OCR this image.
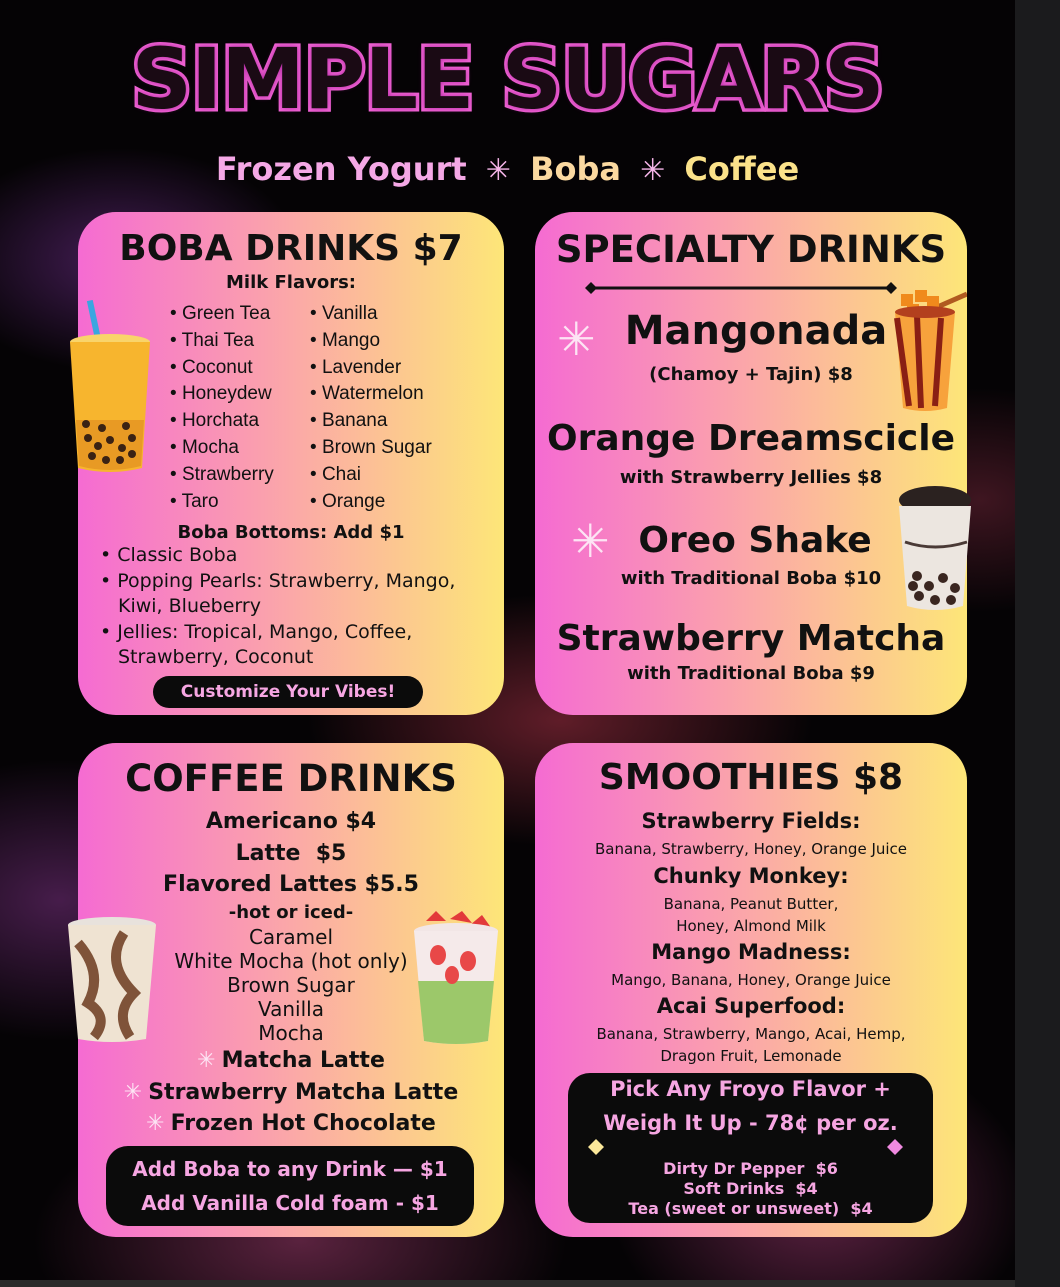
SIMPLE SUGARS
Frozen Yogurt ✳ Boba ✳ Coffee
BOBA DRINKS $7
Milk Flavors:
• Green Tea
• Thai Tea
• Coconut
• Honeydew
• Horchata
• Mocha
• Strawberry
• Taro
• Vanilla
• Mango
• Lavender
• Watermelon
• Banana
• Brown Sugar
• Chai
• Orange
Boba Bottoms: Add $1
• Classic Boba
• Popping Pearls: Strawberry, Mango, Kiwi, Blueberry
• Jellies: Tropical, Mango, Coffee, Strawberry, Coconut
Customize Your Vibes!
SPECIALTY DRINKS
✳ Mangonada
(Chamoy + Tajin) $8
Orange Dreamscicle
with Strawberry Jellies $8
✳ Oreo Shake
with Traditional Boba $10
Strawberry Matcha
with Traditional Boba $9
COFFEE DRINKS
Americano $4
Latte  $5
Flavored Lattes $5.5
-hot or iced-
Caramel
White Mocha (hot only)
Brown Sugar
Vanilla
Mocha
✳ Matcha Latte
✳ Strawberry Matcha Latte
✳ Frozen Hot Chocolate
Add Boba to any Drink — $1
Add Vanilla Cold foam - $1
SMOOTHIES $8
Strawberry Fields:
Banana, Strawberry, Honey, Orange Juice
Chunky Monkey:
Banana, Peanut Butter, Honey, Almond Milk
Mango Madness:
Mango, Banana, Honey, Orange Juice
Acai Superfood:
Banana, Strawberry, Mango, Acai, Hemp, Dragon Fruit, Lemonade
Pick Any Froyo Flavor +
Weigh It Up - 78¢ per oz.
Dirty Dr Pepper  $6
Soft Drinks  $4
Tea (sweet or unsweet)  $4
